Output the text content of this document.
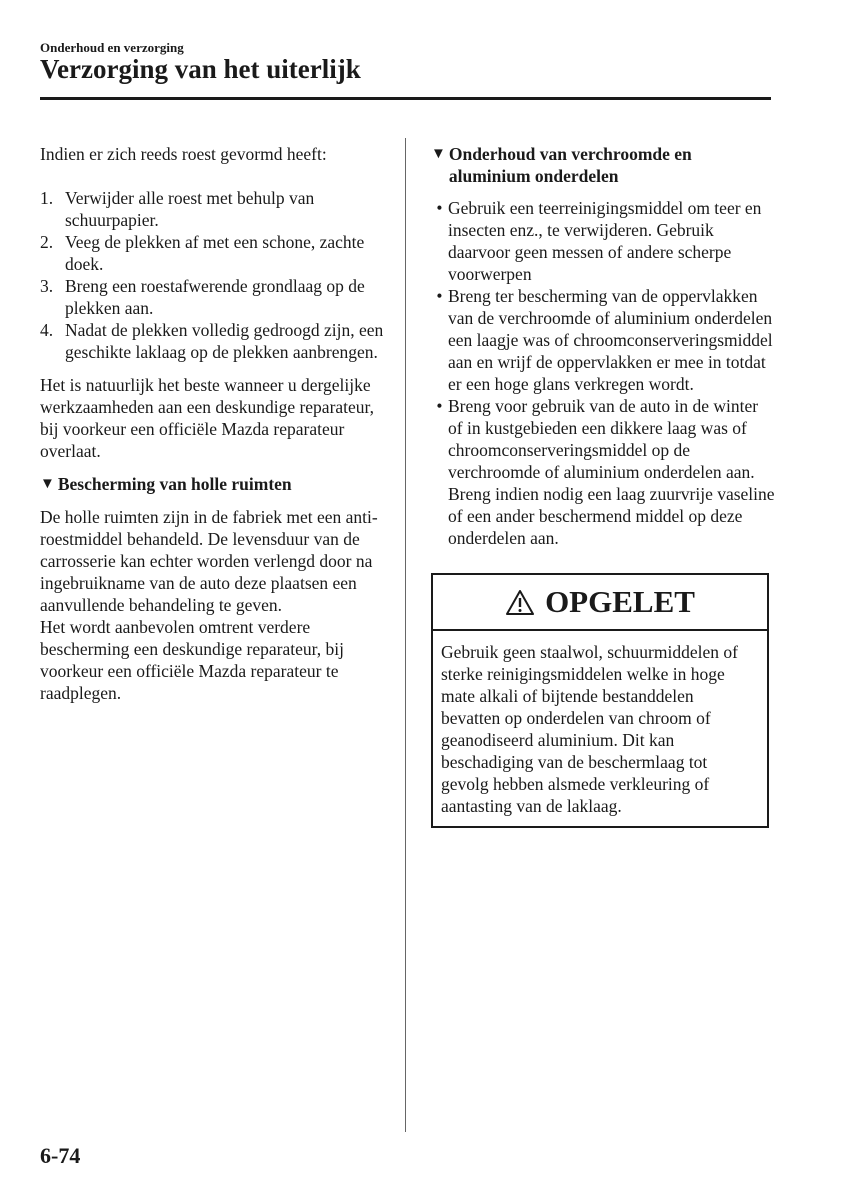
Onderhoud en verzorging
Verzorging van het uiterlijk

Indien er zich reeds roest gevormd heeft:

1. Verwijder alle roest met behulp van schuurpapier.
2. Veeg de plekken af met een schone, zachte doek.
3. Breng een roestafwerende grondlaag op de plekken aan.
4. Nadat de plekken volledig gedroogd zijn, een geschikte laklaag op de plekken aanbrengen.

Het is natuurlijk het beste wanneer u dergelijke werkzaamheden aan een deskundige reparateur, bij voorkeur een officiële Mazda reparateur overlaat.

▼ Bescherming van holle ruimten

De holle ruimten zijn in de fabriek met een anti-roestmiddel behandeld. De levensduur van de carrosserie kan echter worden verlengd door na ingebruikname van de auto deze plaatsen een aanvullende behandeling te geven.

Het wordt aanbevolen omtrent verdere bescherming een deskundige reparateur, bij voorkeur een officiële Mazda reparateur te raadplegen.

▼ Onderhoud van verchroomde en aluminium onderdelen
• Gebruik een teerreinigingsmiddel om teer en insecten enz., te verwijderen. Gebruik daarvoor geen messen of andere scherpe voorwerpen
• Breng ter bescherming van de oppervlakken van de verchroomde of aluminium onderdelen een laagje was of chroomconserveringsmiddel aan en wrijf de oppervlakken er mee in totdat er een hoge glans verkregen wordt.
• Breng voor gebruik van de auto in de winter of in kustgebieden een dikkere laag was of chroomconserveringsmiddel op de verchroomde of aluminium onderdelen aan. Breng indien nodig een laag zuurvrije vaseline of een ander beschermend middel op deze onderdelen aan.
OPGELET
Gebruik geen staalwol, schuurmiddelen of sterke reinigingsmiddelen welke in hoge mate alkali of bijtende bestanddelen bevatten op onderdelen van chroom of geanodiseerd aluminium. Dit kan beschadiging van de beschermlaag tot gevolg hebben alsmede verkleuring of aantasting van de laklaag.
6-74
